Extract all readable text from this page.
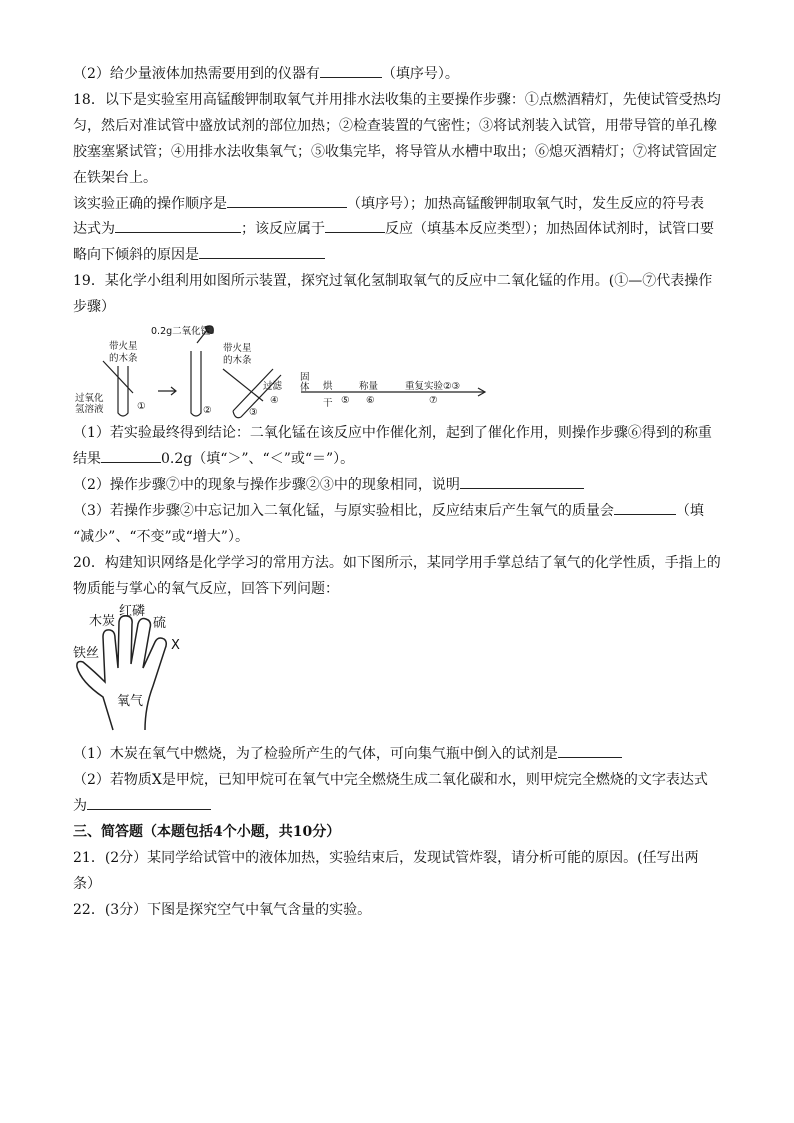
（2）给少量液体加热需要用到的仪器有	（填序号）。
18．以下是实验室用高锰酸钾制取氧气并用排水法收集的主要操作步骤：①点燃酒精灯，先使试管受热均
匀，然后对准试管中盛放试剂的部位加热；②检查装置的气密性；③将试剂装入试管，用带导管的单孔橡
胶塞塞紧试管；④用排水法收集氧气；⑤收集完毕，将导管从水槽中取出；⑥熄灭酒精灯；⑦将试管固定
在铁架台上。
该实验正确的操作顺序是	（填序号）；加热高锰酸钾制取氧气时，发生反应的符号表
达式为	；该反应属于	反应（填基本反应类型）；加热固体试剂时，试管口要
略向下倾斜的原因是
19．某化学小组利用如图所示装置，探究过氧化氢制取氧气的反应中二氧化锰的作用。(①—⑦代表操作
步骤）
过氧化
氢溶液	①	②	③
带火星
的木条
带火星
的木条
0.2g二氧化锰
过滤
④
固
体 烘
干 ⑤
称量
⑥
重复实验②③
⑦
（1）若实验最终得到结论：二氧化锰在该反应中作催化剂，起到了催化作用，则操作步骤⑥得到的称重
结果	0.2g（填“＞”、“＜”或“＝”）。
（2）操作步骤⑦中的现象与操作步骤②③中的现象相同，说明
（3）若操作步骤②中忘记加入二氧化锰，与原实验相比，反应结束后产生氧气的质量会	（填
“减少”、“不变”或“增大”）。
20．构建知识网络是化学学习的常用方法。如下图所示，某同学用手掌总结了氧气的化学性质，手指上的
物质能与掌心的氧气反应，回答下列问题：
木炭
红磷
硫
X
铁丝
氧气
（1）木炭在氧气中燃烧，为了检验所产生的气体，可向集气瓶中倒入的试剂是
（2）若物质X是甲烷，已知甲烷可在氧气中完全燃烧生成二氧化碳和水，则甲烷完全燃烧的文字表达式
为
三、简答题（本题包括4个小题，共10分）
21．(2分）某同学给试管中的液体加热，实验结束后，发现试管炸裂，请分析可能的原因。(任写出两
条）
22．(3分）下图是探究空气中氧气含量的实验。
